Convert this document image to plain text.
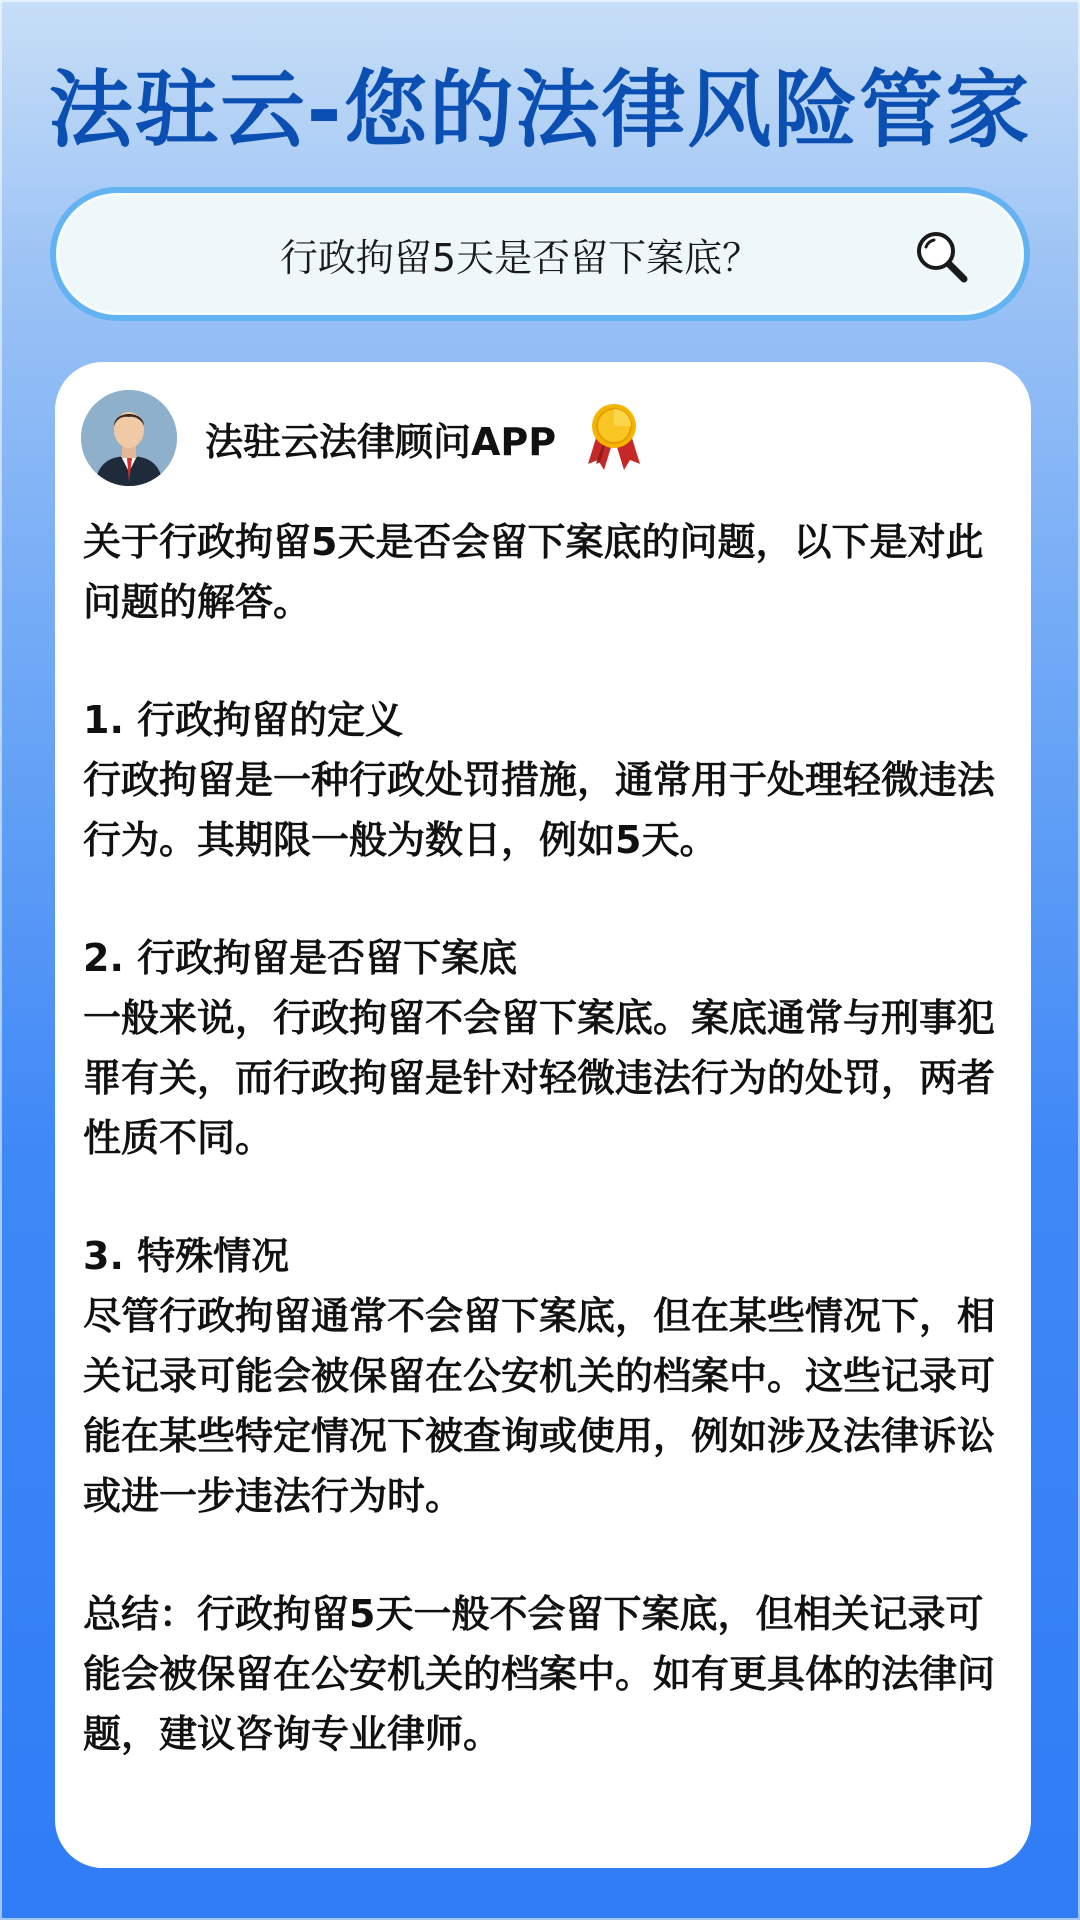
法驻云-您的法律风险管家
行政拘留5天是否留下案底？
法驻云法律顾问APP

关于行政拘留5天是否会留下案底的问题，以下是对此问题的解答。

1. 行政拘留的定义
行政拘留是一种行政处罚措施，通常用于处理轻微违法行为。其期限一般为数日，例如5天。

2. 行政拘留是否留下案底
一般来说，行政拘留不会留下案底。案底通常与刑事犯罪有关，而行政拘留是针对轻微违法行为的处罚，两者性质不同。

3. 特殊情况
尽管行政拘留通常不会留下案底，但在某些情况下，相关记录可能会被保留在公安机关的档案中。这些记录可能在某些特定情况下被查询或使用，例如涉及法律诉讼或进一步违法行为时。

总结：行政拘留5天一般不会留下案底，但相关记录可能会被保留在公安机关的档案中。如有更具体的法律问题，建议咨询专业律师。
